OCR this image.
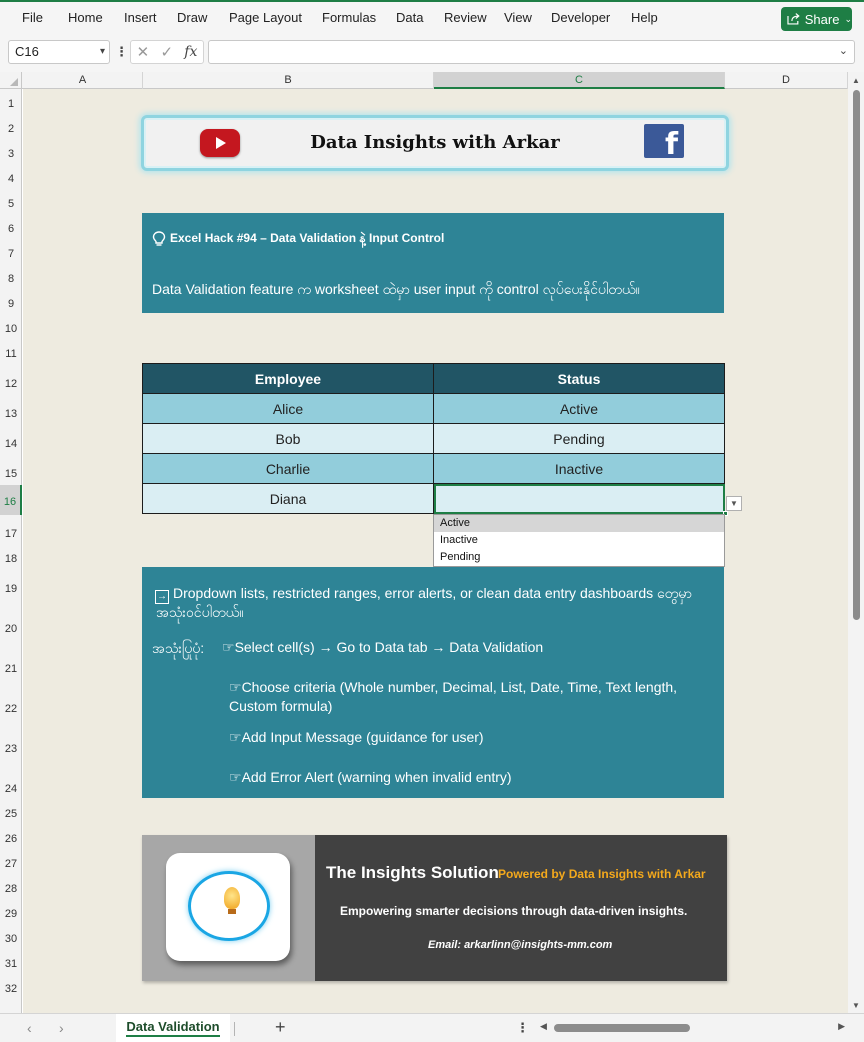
File Home Insert Draw Page Layout Formulas Data Review View Developer Help	Share ⌄
C16	▾ ⋮ ✕ ✓ fx	⌄
A	B	C	D
1
2
3
4
5
6
7
8
9
10
11
12
13
14
15
16
17
18
19
20
21
22
23
24
25
26
27
28
29
30
31
32
Data Insights with Arkar	f
Excel Hack #94 – Data Validation နဲ့ Input Control
Data Validation feature က worksheet ထဲမှာ user input ကို control လုပ်ပေးနိုင်ပါတယ်။
Employee	Status
Alice	Active
Bob	Pending
Charlie	Inactive
Diana		▼
Active
Inactive
Pending
→ Dropdown lists, restricted ranges, error alerts, or clean data entry dashboards တွေမှာ
အသုံးဝင်ပါတယ်။
အသုံးပြုပုံ: ☞Select cell(s) → Go to Data tab → Data Validation
☞Choose criteria (Whole number, Decimal, List, Date, Time, Text length,
Custom formula)
☞Add Input Message (guidance for user)
☞Add Error Alert (warning when invalid entry)
The Insights Solution Powered by Data Insights with Arkar
Empowering smarter decisions through data-driven insights.
Email: arkarlinn@insights-mm.com
▲
▼
‹ ›	Data Validation	+	⋮ ◀	▶
